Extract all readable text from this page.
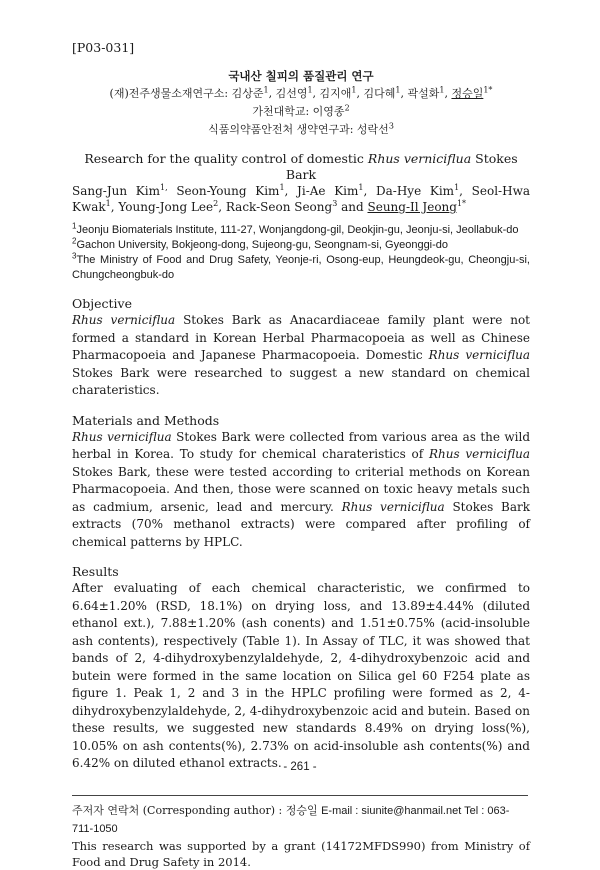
[P03-031]
국내산 칠피의 품질관리 연구
(재)전주생물소재연구소: 김상준$^1$, 김선영$^1$, 김지애$^1$, 김다혜$^1$, 곽설화$^1$, 정승일$^{1*}$
가천대학교: 이영종$^2$
식품의약품안전처 생약연구과: 성락선$^3$
Research for the quality control of domestic Rhus verniciflua Stokes Bark
Sang-Jun Kim$^{1,}$ Seon-Young Kim$^1$, Ji-Ae Kim$^1$, Da-Hye Kim$^1$, Seol-Hwa Kwak$^1$, Young-Jong Lee$^2$, Rack-Seon Seong$^3$ and Seung-Il Jeong$^{1*}$
$^1$Jeonju Biomaterials Institute, 111-27, Wonjangdong-gil, Deokjin-gu, Jeonju-si, Jeollabuk-do
$^2$Gachon University, Bokjeong-dong, Sujeong-gu, Seongnam-si, Gyeonggi-do
$^3$The Ministry of Food and Drug Safety, Yeonje-ri, Osong-eup, Heungdeok-gu, Cheongju-si, Chungcheongbuk-do
Objective

Rhus verniciflua Stokes Bark as Anacardiaceae family plant were not formed a standard in Korean Herbal Pharmacopoeia as well as Chinese Pharmacopoeia and Japanese Pharmacopoeia. Domestic Rhus verniciflua Stokes Bark were researched to suggest a new standard on chemical charateristics.

Materials and Methods

Rhus verniciflua Stokes Bark were collected from various area as the wild herbal in Korea. To study for chemical charateristics of Rhus verniciflua Stokes Bark, these were tested according to criterial methods on Korean Pharmacopoeia. And then, those were scanned on toxic heavy metals such as cadmium, arsenic, lead and mercury. Rhus verniciflua Stokes Bark extracts (70% methanol extracts) were compared after profiling of chemical patterns by HPLC.

Results

After evaluating of each chemical characteristic, we confirmed to 6.64±1.20% (RSD, 18.1%) on drying loss, and 13.89±4.44% (diluted ethanol ext.), 7.88±1.20% (ash conents) and 1.51±0.75% (acid-insoluble ash contents), respectively (Table 1). In Assay of TLC, it was showed that bands of 2, 4-dihydroxybenzylaldehyde, 2, 4-dihydroxybenzoic acid and butein were formed in the same location on Silica gel 60 F254 plate as figure 1. Peak 1, 2 and 3 in the HPLC profiling were formed as 2, 4-dihydroxybenzylaldehyde, 2, 4-dihydroxybenzoic acid and butein. Based on these results, we suggested new standards 8.49% on drying loss(%), 10.05% on ash contents(%), 2.73% on acid-insoluble ash contents(%) and 6.42% on diluted ethanol extracts.

주저자 연락처 (Corresponding author) : 정승일 E-mail : siunite@hanmail.net Tel : 063-711-1050
This research was supported by a grant (14172MFDS990) from Ministry of Food and Drug Safety in 2014.
- 261 -
